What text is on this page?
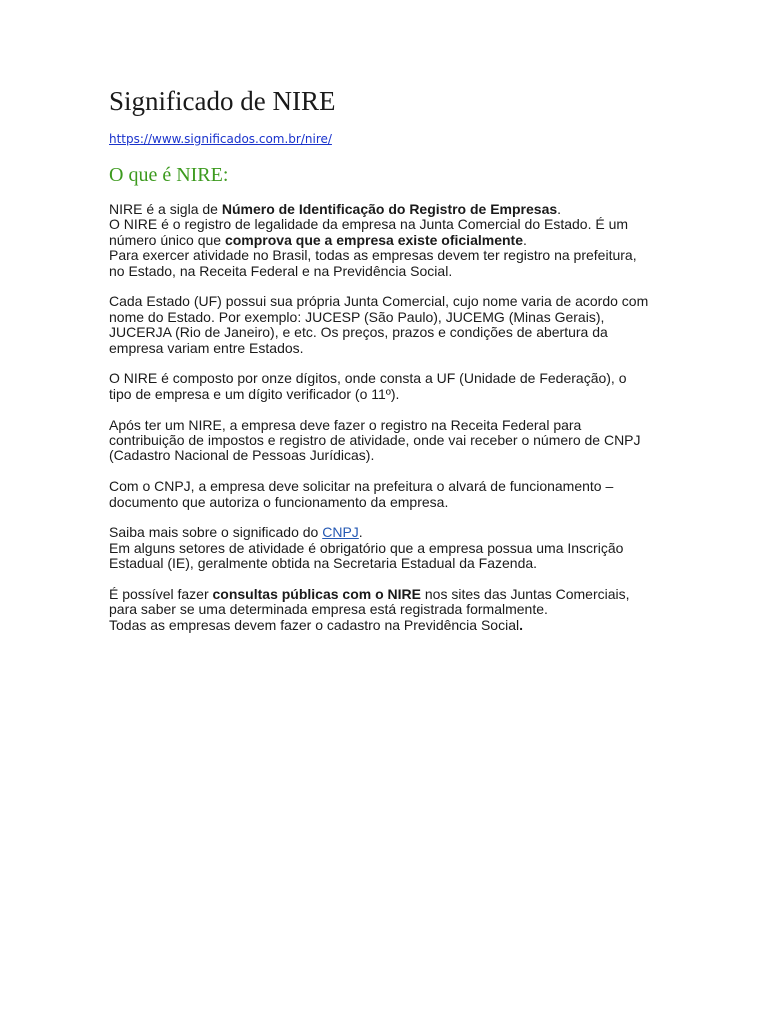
Significado de NIRE
https://www.significados.com.br/nire/
O que é NIRE:

NIRE é a sigla de Número de Identificação do Registro de Empresas.
O NIRE é o registro de legalidade da empresa na Junta Comercial do Estado. É um
número único que comprova que a empresa existe oficialmente.
Para exercer atividade no Brasil, todas as empresas devem ter registro na prefeitura,
no Estado, na Receita Federal e na Previdência Social.

Cada Estado (UF) possui sua própria Junta Comercial, cujo nome varia de acordo com
nome do Estado. Por exemplo: JUCESP (São Paulo), JUCEMG (Minas Gerais),
JUCERJA (Rio de Janeiro), e etc. Os preços, prazos e condições de abertura da
empresa variam entre Estados.

O NIRE é composto por onze dígitos, onde consta a UF (Unidade de Federação), o
tipo de empresa e um dígito verificador (o 11º).

Após ter um NIRE, a empresa deve fazer o registro na Receita Federal para
contribuição de impostos e registro de atividade, onde vai receber o número de CNPJ
(Cadastro Nacional de Pessoas Jurídicas).

Com o CNPJ, a empresa deve solicitar na prefeitura o alvará de funcionamento –
documento que autoriza o funcionamento da empresa.

Saiba mais sobre o significado do CNPJ.
Em alguns setores de atividade é obrigatório que a empresa possua uma Inscrição
Estadual (IE), geralmente obtida na Secretaria Estadual da Fazenda.

É possível fazer consultas públicas com o NIRE nos sites das Juntas Comerciais,
para saber se uma determinada empresa está registrada formalmente.
Todas as empresas devem fazer o cadastro na Previdência Social.
